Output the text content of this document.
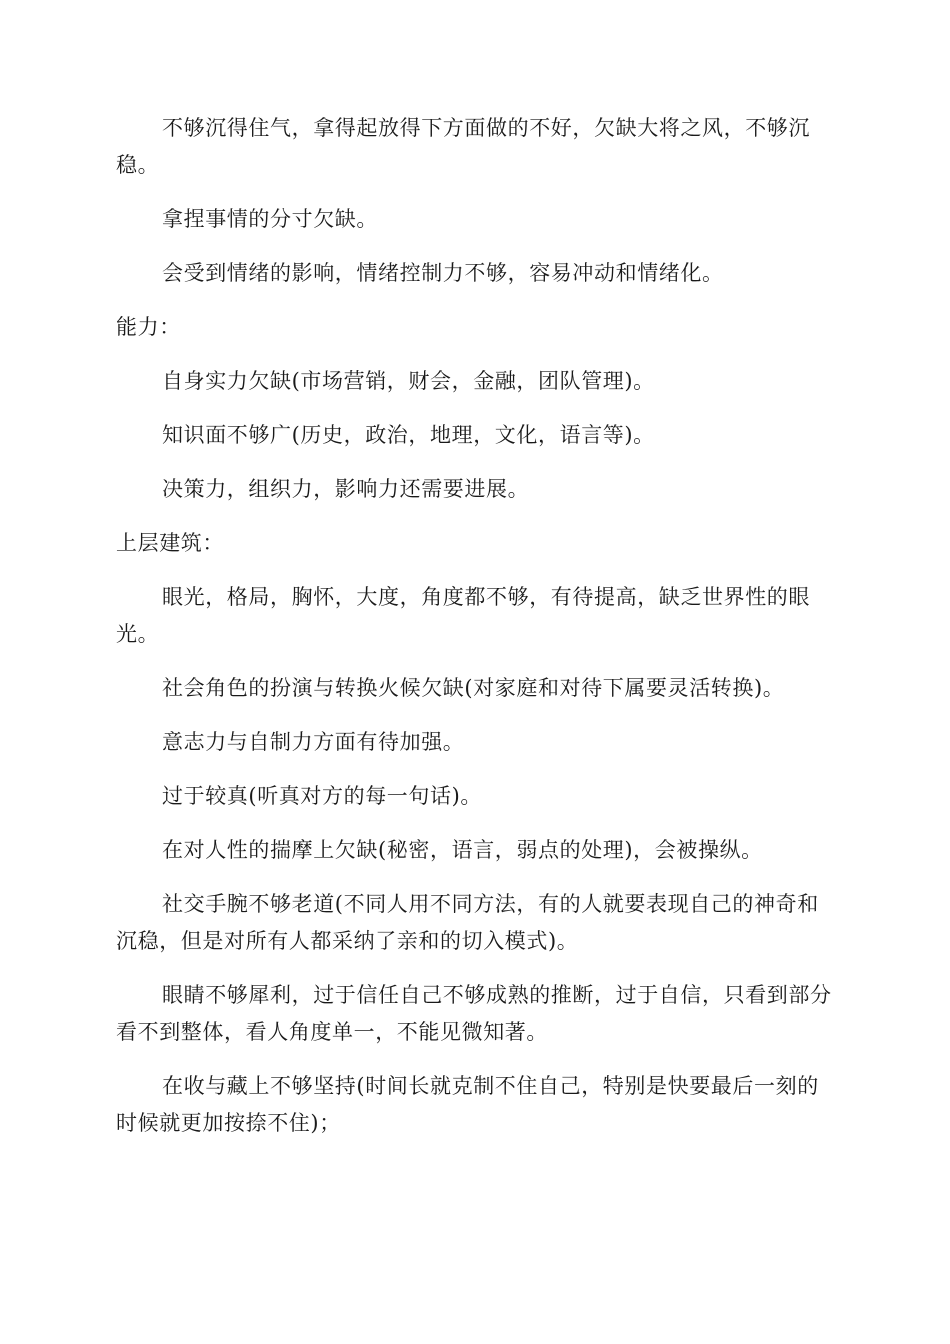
不够沉得住气，拿得起放得下方面做的不好，欠缺大将之风，不够沉稳。

拿捏事情的分寸欠缺。

会受到情绪的影响，情绪控制力不够，容易冲动和情绪化。

能力：

自身实力欠缺(市场营销，财会，金融，团队管理)。

知识面不够广(历史，政治，地理，文化，语言等)。

决策力，组织力，影响力还需要进展。

上层建筑：

眼光，格局，胸怀，大度，角度都不够，有待提高，缺乏世界性的眼光。

社会角色的扮演与转换火候欠缺(对家庭和对待下属要灵活转换)。

意志力与自制力方面有待加强。

过于较真(听真对方的每一句话)。

在对人性的揣摩上欠缺(秘密，语言，弱点的处理)，会被操纵。

社交手腕不够老道(不同人用不同方法，有的人就要表现自己的神奇和沉稳，但是对所有人都采纳了亲和的切入模式)。

眼睛不够犀利，过于信任自己不够成熟的推断，过于自信，只看到部分看不到整体，看人角度单一，不能见微知著。

在收与藏上不够坚持(时间长就克制不住自己，特别是快要最后一刻的时候就更加按捺不住)；
